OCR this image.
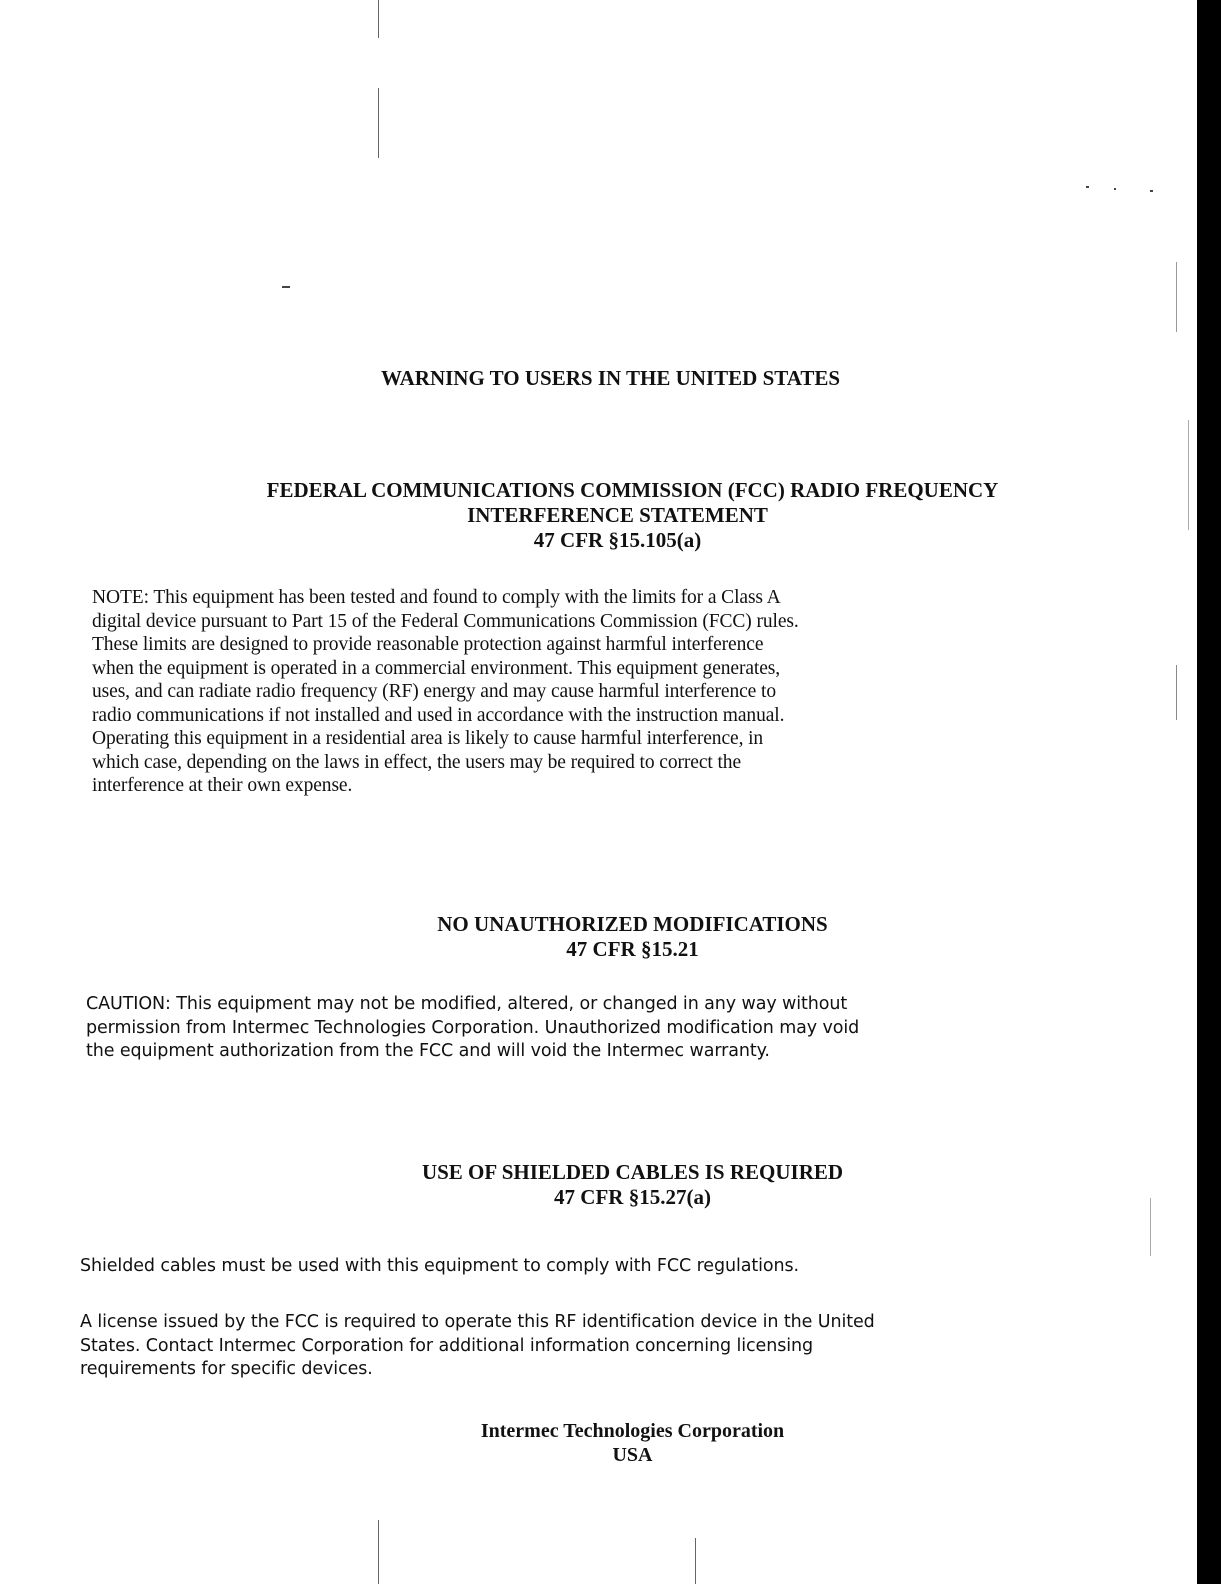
WARNING TO USERS IN THE UNITED STATES
FEDERAL COMMUNICATIONS COMMISSION (FCC) RADIO FREQUENCY
INTERFERENCE STATEMENT
47 CFR §15.105(a)
NOTE: This equipment has been tested and found to comply with the limits for a Class A
digital device pursuant to Part 15 of the Federal Communications Commission (FCC) rules.
These limits are designed to provide reasonable protection against harmful interference
when the equipment is operated in a commercial environment. This equipment generates,
uses, and can radiate radio frequency (RF) energy and may cause harmful interference to
radio communications if not installed and used in accordance with the instruction manual.
Operating this equipment in a residential area is likely to cause harmful interference, in
which case, depending on the laws in effect, the users may be required to correct the
interference at their own expense.
NO UNAUTHORIZED MODIFICATIONS
47 CFR §15.21
CAUTION: This equipment may not be modified, altered, or changed in any way without
permission from Intermec Technologies Corporation. Unauthorized modification may void
the equipment authorization from the FCC and will void the Intermec warranty.
USE OF SHIELDED CABLES IS REQUIRED
47 CFR §15.27(a)
Shielded cables must be used with this equipment to comply with FCC regulations.
A license issued by the FCC is required to operate this RF identification device in the United
States. Contact Intermec Corporation for additional information concerning licensing
requirements for specific devices.
Intermec Technologies Corporation
USA
